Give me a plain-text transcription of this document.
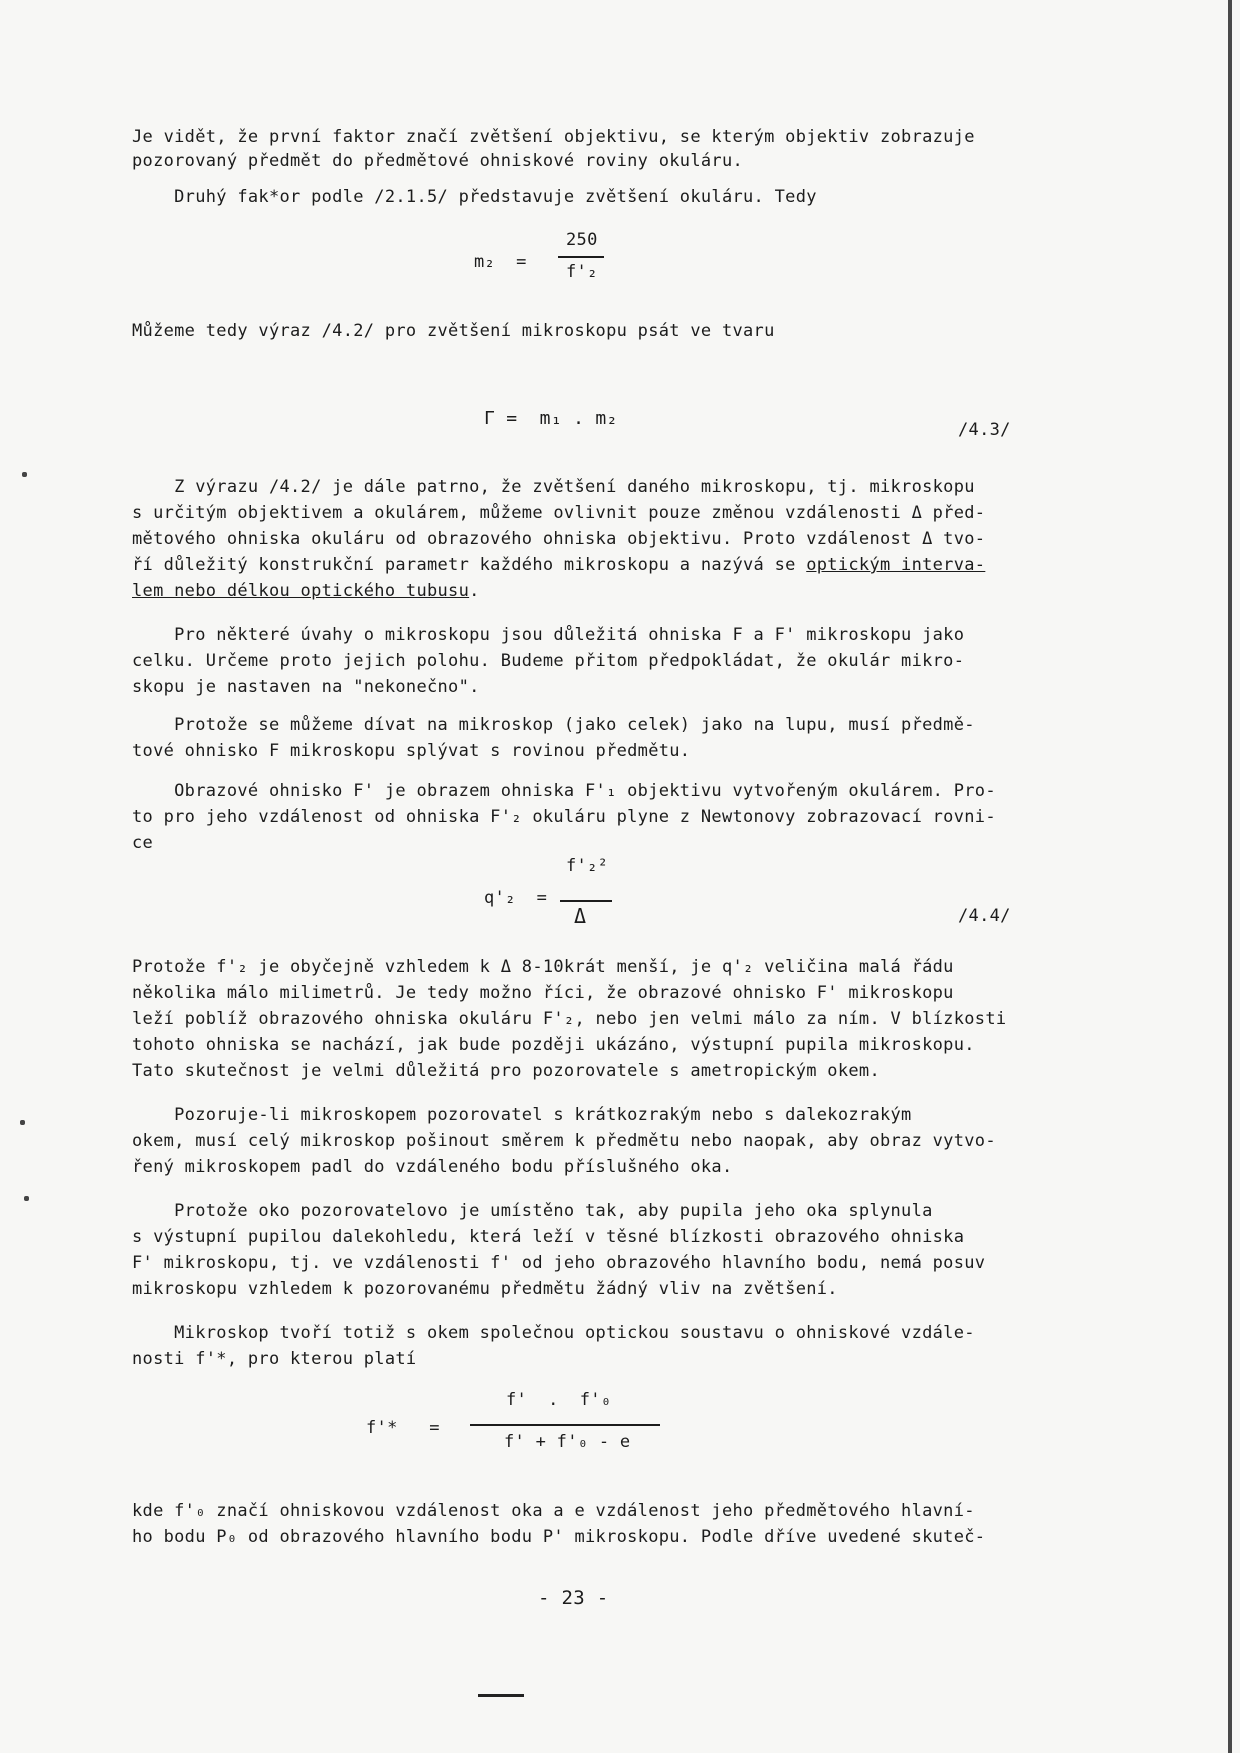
Je vidět, že první faktor značí zvětšení objektivu, se kterým objektiv zobrazuje
pozorovaný předmět do předmětové ohniskové roviny okuláru.
Druhý fak*or podle /2.1.5/ představuje zvětšení okuláru. Tedy
m₂  =
250
f'₂
Můžeme tedy výraz /4.2/ pro zvětšení mikroskopu psát ve tvaru
Γ =  m₁ . m₂
/4.3/
Z výrazu /4.2/ je dále patrno, že zvětšení daného mikroskopu, tj. mikroskopu
s určitým objektivem a okulárem, můžeme ovlivnit pouze změnou vzdálenosti Δ před-
mětového ohniska okuláru od obrazového ohniska objektivu. Proto vzdálenost Δ tvo-
ří důležitý konstrukční parametr každého mikroskopu a nazývá se optickým interva-
lem nebo délkou optického tubusu.
Pro některé úvahy o mikroskopu jsou důležitá ohniska F a F' mikroskopu jako
celku. Určeme proto jejich polohu. Budeme přitom předpokládat, že okulár mikro-
skopu je nastaven na "nekonečno".
Protože se můžeme dívat na mikroskop (jako celek) jako na lupu, musí předmě-
tové ohnisko F mikroskopu splývat s rovinou předmětu.
Obrazové ohnisko F' je obrazem ohniska F'₁ objektivu vytvořeným okulárem. Pro-
to pro jeho vzdálenost od ohniska F'₂ okuláru plyne z Newtonovy zobrazovací rovni-
ce
q'₂  =
f'₂²
Δ	/4.4/
Protože f'₂ je obyčejně vzhledem k Δ 8-10krát menší, je q'₂ veličina malá řádu
několika málo milimetrů. Je tedy možno říci, že obrazové ohnisko F' mikroskopu
leží poblíž obrazového ohniska okuláru F'₂, nebo jen velmi málo za ním. V blízkosti
tohoto ohniska se nachází, jak bude později ukázáno, výstupní pupila mikroskopu.
Tato skutečnost je velmi důležitá pro pozorovatele s ametropickým okem.
Pozoruje-li mikroskopem pozorovatel s krátkozrakým nebo s dalekozrakým
okem, musí celý mikroskop pošinout směrem k předmětu nebo naopak, aby obraz vytvo-
řený mikroskopem padl do vzdáleného bodu příslušného oka.
Protože oko pozorovatelovo je umístěno tak, aby pupila jeho oka splynula
s výstupní pupilou dalekohledu, která leží v těsné blízkosti obrazového ohniska
F' mikroskopu, tj. ve vzdálenosti f' od jeho obrazového hlavního bodu, nemá posuv
mikroskopu vzhledem k pozorovanému předmětu žádný vliv na zvětšení.
Mikroskop tvoří totiž s okem společnou optickou soustavu o ohniskové vzdále-
nosti f'*, pro kterou platí
f'*   =
f'  .  f'₀
f' + f'₀ - e
kde f'₀ značí ohniskovou vzdálenost oka a e vzdálenost jeho předmětového hlavní-
ho bodu P₀ od obrazového hlavního bodu P' mikroskopu. Podle dříve uvedené skuteč-
- 23 -
